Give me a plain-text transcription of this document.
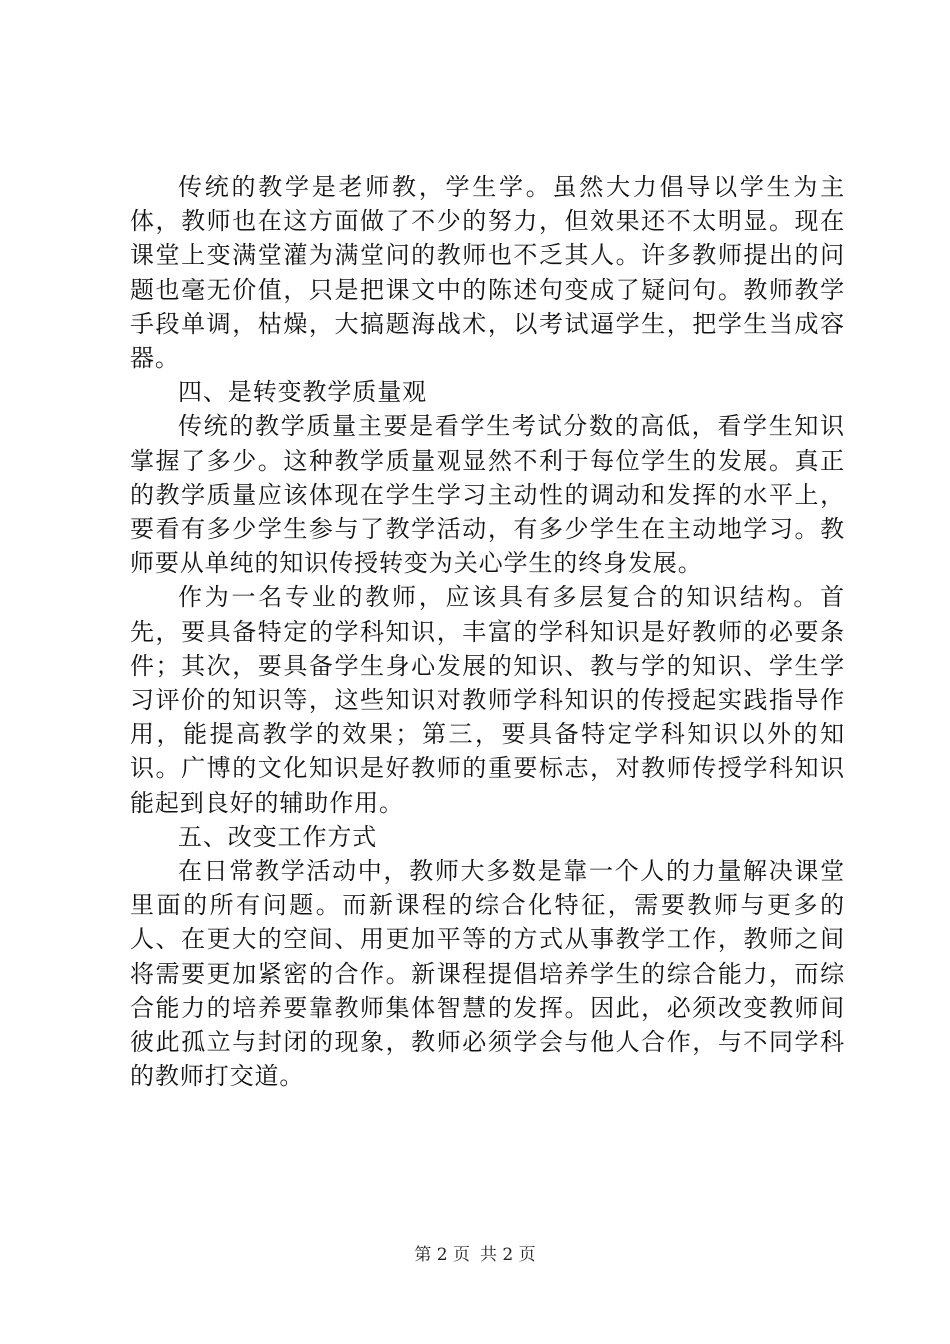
传统的教学是老师教，学生学。虽然大力倡导以学生为主体，教师也在这方面做了不少的努力，但效果还不太明显。现在课堂上变满堂灌为满堂问的教师也不乏其人。许多教师提出的问题也毫无价值，只是把课文中的陈述句变成了疑问句。教师教学手段单调，枯燥，大搞题海战术，以考试逼学生，把学生当成容器。

四、是转变教学质量观

传统的教学质量主要是看学生考试分数的高低，看学生知识掌握了多少。这种教学质量观显然不利于每位学生的发展。真正的教学质量应该体现在学生学习主动性的调动和发挥的水平上，要看有多少学生参与了教学活动，有多少学生在主动地学习。教师要从单纯的知识传授转变为关心学生的终身发展。

作为一名专业的教师，应该具有多层复合的知识结构。首先，要具备特定的学科知识，丰富的学科知识是好教师的必要条件；其次，要具备学生身心发展的知识、教与学的知识、学生学习评价的知识等，这些知识对教师学科知识的传授起实践指导作用，能提高教学的效果；第三，要具备特定学科知识以外的知识。广博的文化知识是好教师的重要标志，对教师传授学科知识能起到良好的辅助作用。

五、改变工作方式

在日常教学活动中，教师大多数是靠一个人的力量解决课堂里面的所有问题。而新课程的综合化特征，需要教师与更多的人、在更大的空间、用更加平等的方式从事教学工作，教师之间将需要更加紧密的合作。新课程提倡培养学生的综合能力，而综合能力的培养要靠教师集体智慧的发挥。因此，必须改变教师间彼此孤立与封闭的现象，教师必须学会与他人合作，与不同学科的教师打交道。

第 2 页 共 2 页
